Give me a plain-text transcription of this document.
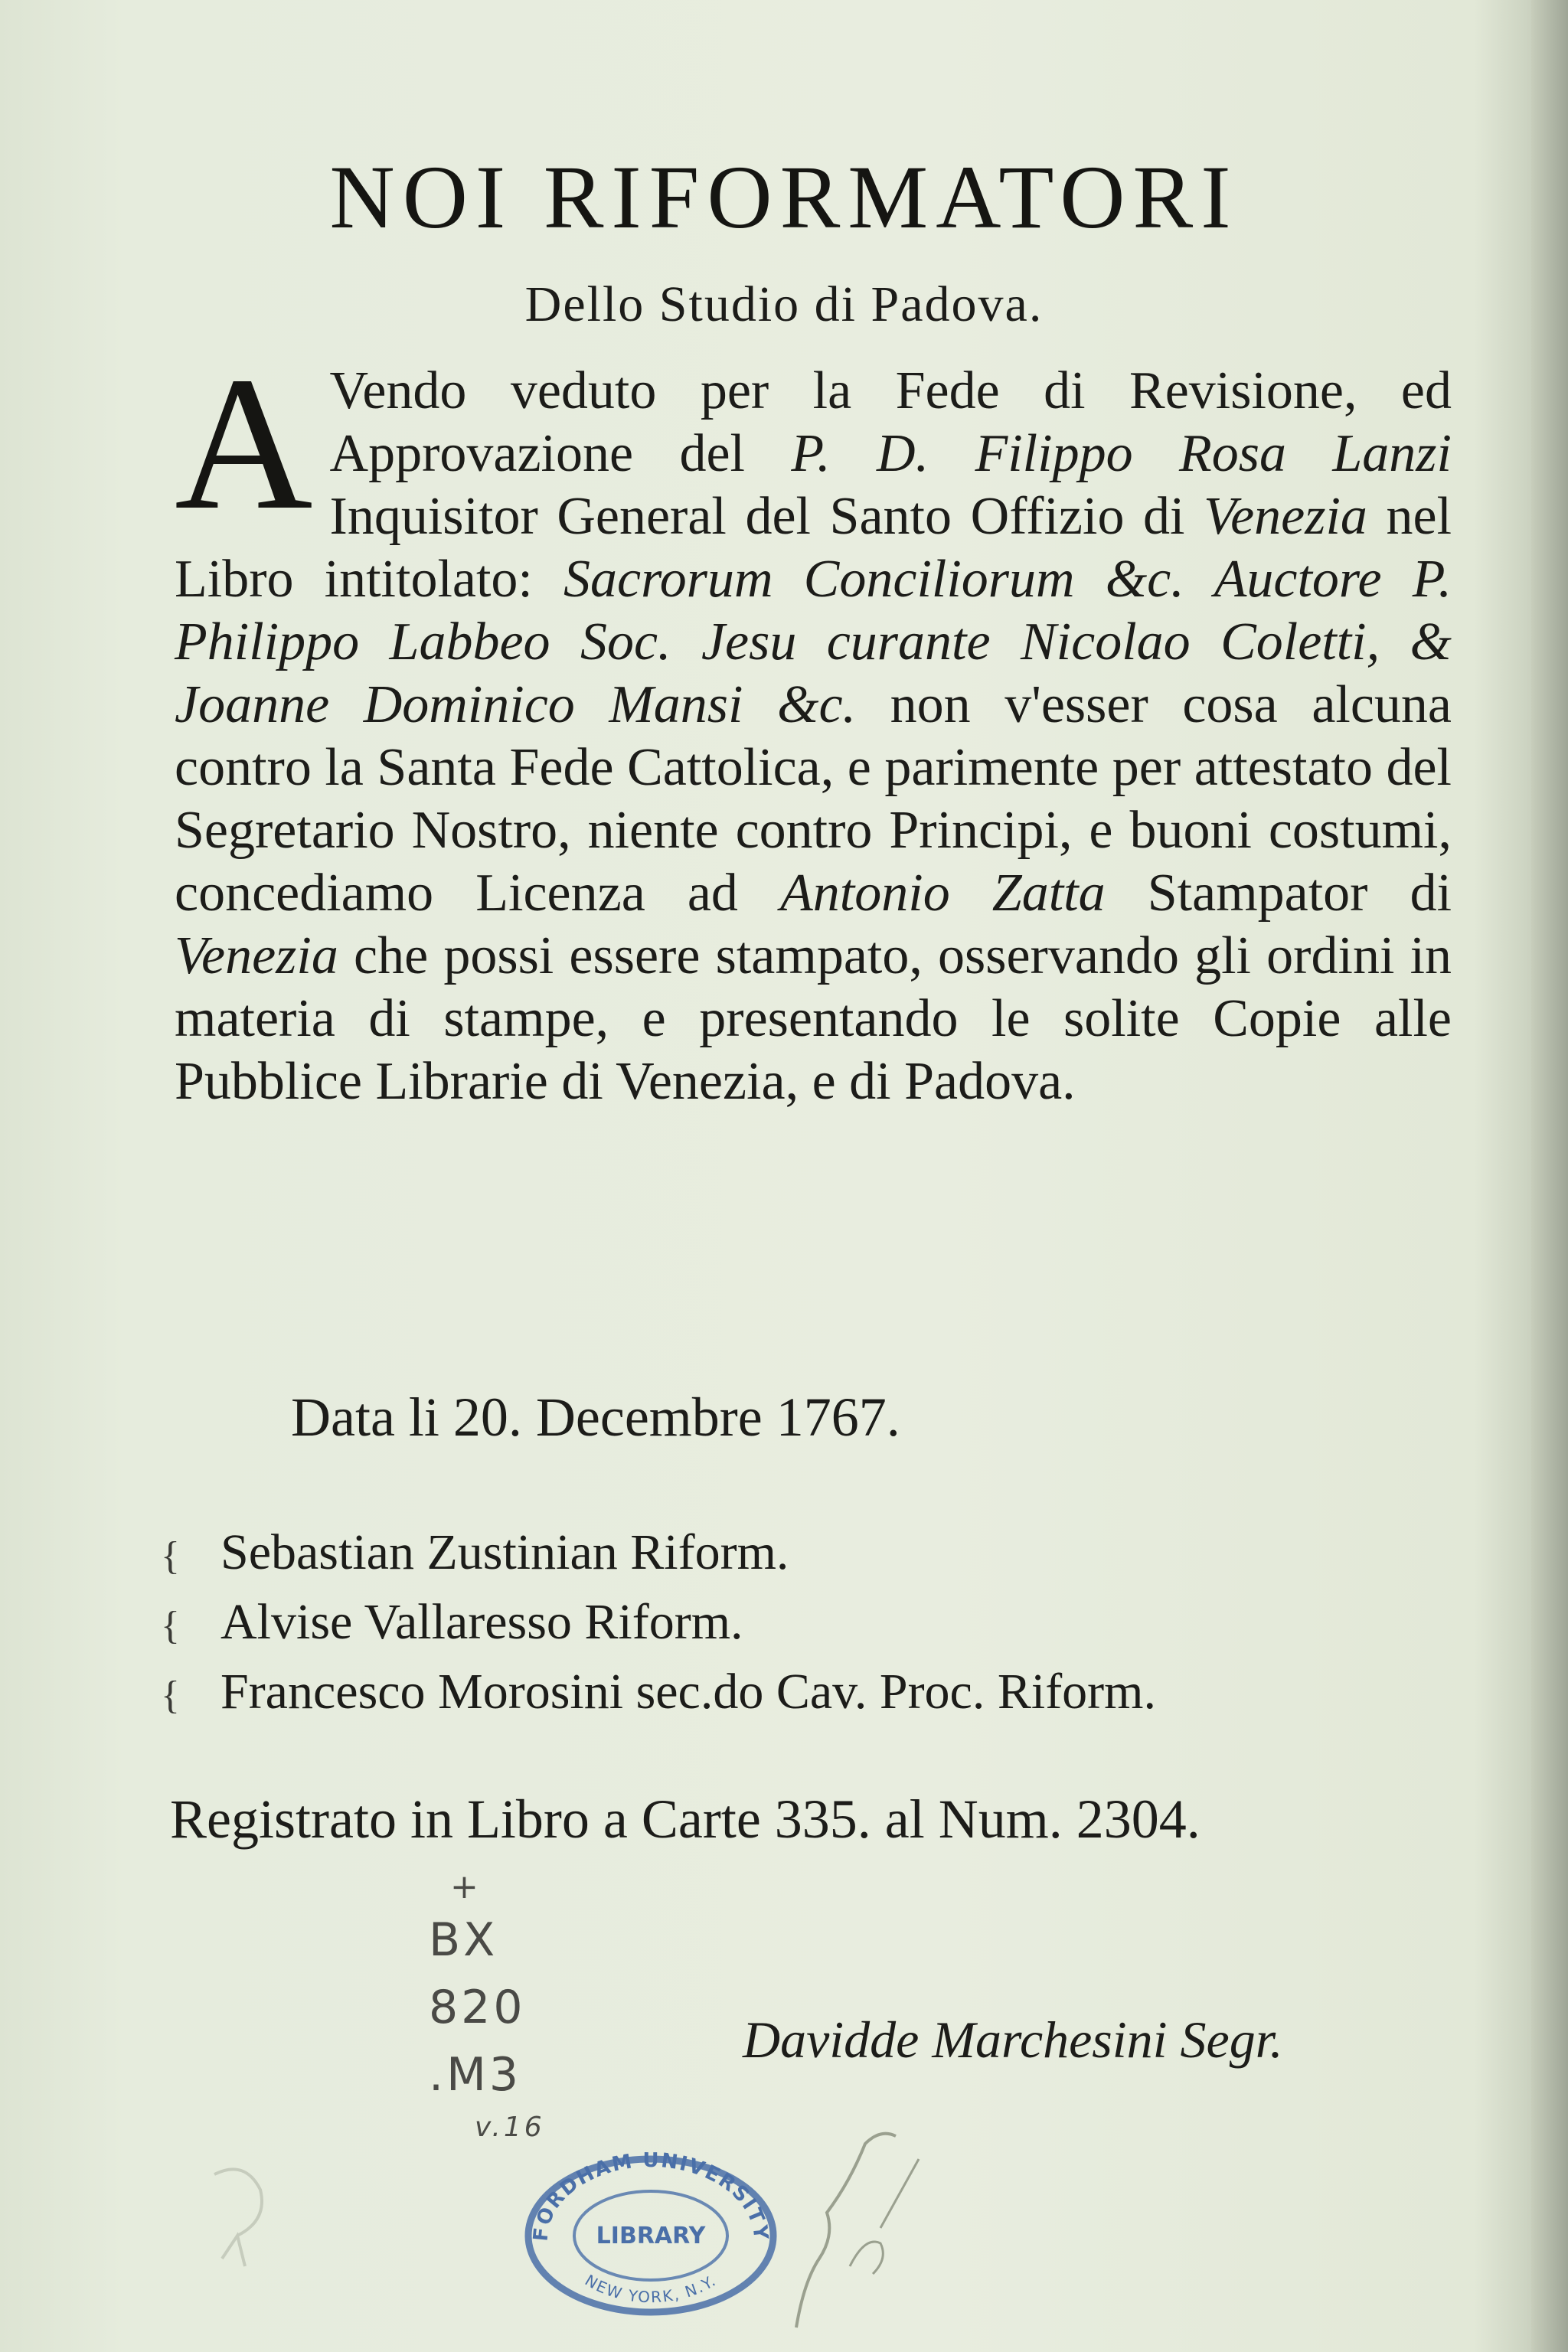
NOI RIFORMATORI
Dello Studio di Padova.
A Vendo veduto per la Fede di Revisione, ed Approvazione del P. D. Filippo Rosa Lanzi Inquisitor General del Santo Offizio di Venezia nel Libro intitolato: Sacrorum Conciliorum &c. Auctore P. Philippo Labbeo Soc. Jesu curante Nicolao Coletti, & Joanne Dominico Mansi &c. non v'esser cosa alcuna contro la Santa Fede Cattolica, e parimente per attestato del Segretario Nostro, niente contro Principi, e buoni costumi, concediamo Licenza ad Antonio Zatta Stampator di Venezia che possi essere stampato, osservando gli ordini in materia di stampe, e presentando le solite Copie alle Pubblice Librarie di Venezia, e di Padova.
Data li 20. Decembre 1767.
{ Sebastian Zustinian Riform.
{ Alvise Vallaresso Riform.
{ Francesco Morosini sec.do Cav. Proc. Riform.
Registrato in Libro a Carte 335. al Num. 2304.
+
BX
820
.M3
v.16
Davidde Marchesini Segr.
FORDHAM UNIVERSITY
LIBRARY
NEW YORK, N.Y.
